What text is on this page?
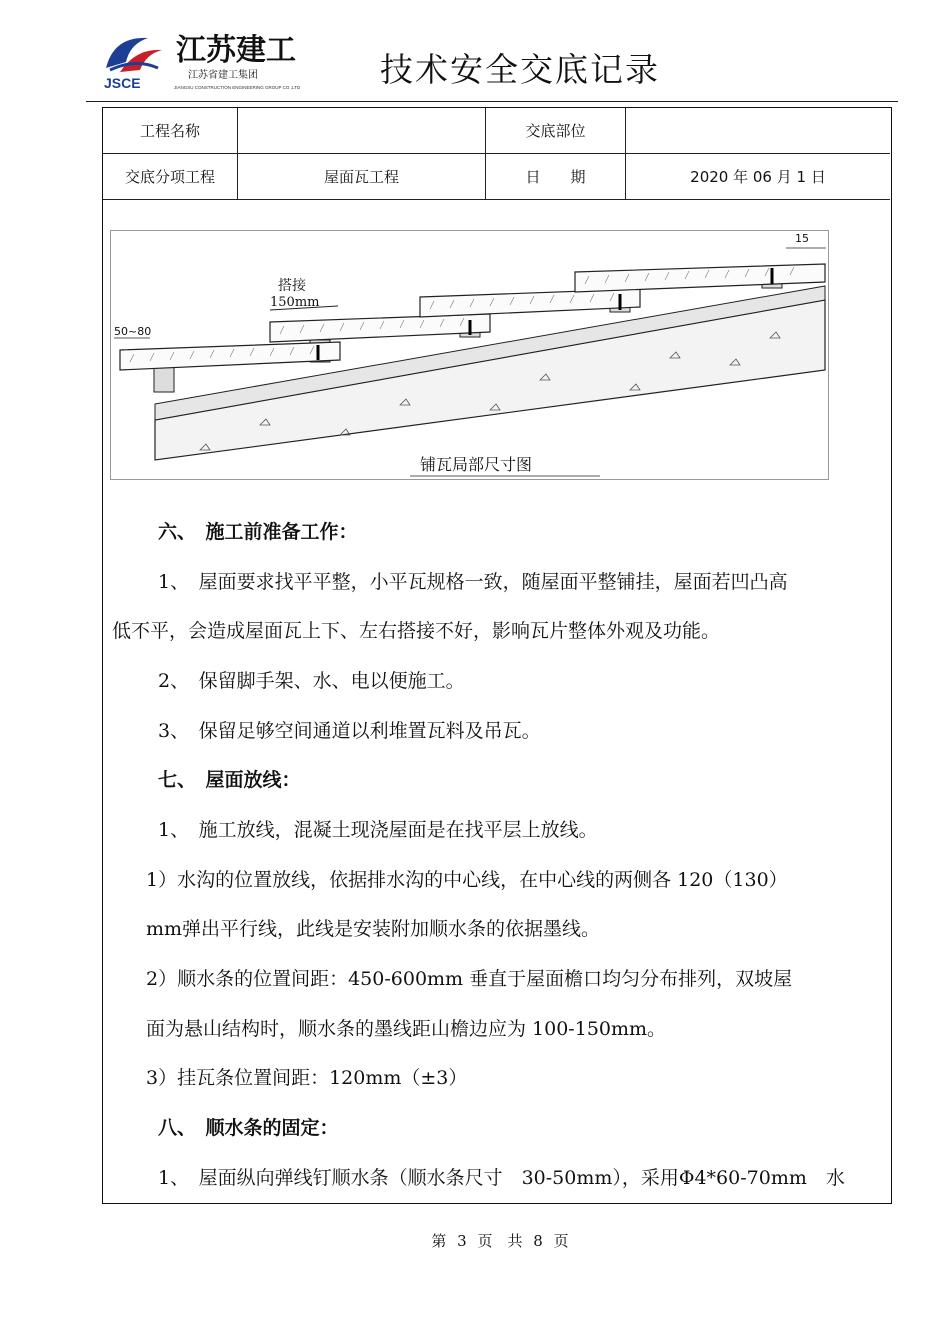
JSCE
江苏建工
江苏省建工集团
JIANGSU CONSTRUCTION ENGINEERING GROUP CO.,LTD 技术安全交底记录
工程名称		交底部位	
交底分项工程	屋面瓦工程	日　　期	2020 年 06 月 1 日
搭接
150mm
50~80
15
铺瓦局部尺寸图
六、　施工前准备工作：
1、　屋面要求找平平整，小平瓦规格一致，随屋面平整铺挂，屋面若凹凸高
低不平，会造成屋面瓦上下、左右搭接不好，影响瓦片整体外观及功能。
2、　保留脚手架、水、电以便施工。
3、　保留足够空间通道以利堆置瓦料及吊瓦。
七、　屋面放线：
1、　施工放线，混凝土现浇屋面是在找平层上放线。
1）水沟的位置放线，依据排水沟的中心线，在中心线的两侧各 120（130）
mm弹出平行线，此线是安装附加顺水条的依据墨线。
2）顺水条的位置间距：450-600mm 垂直于屋面檐口均匀分布排列，双坡屋
面为悬山结构时，顺水条的墨线距山檐边应为 100-150mm。
3）挂瓦条位置间距：120mm（±3）
八、　顺水条的固定：
1、　屋面纵向弹线钉顺水条（顺水条尺寸　30-50mm），采用Φ4*60-70mm　水
第 3 页　共 8 页
